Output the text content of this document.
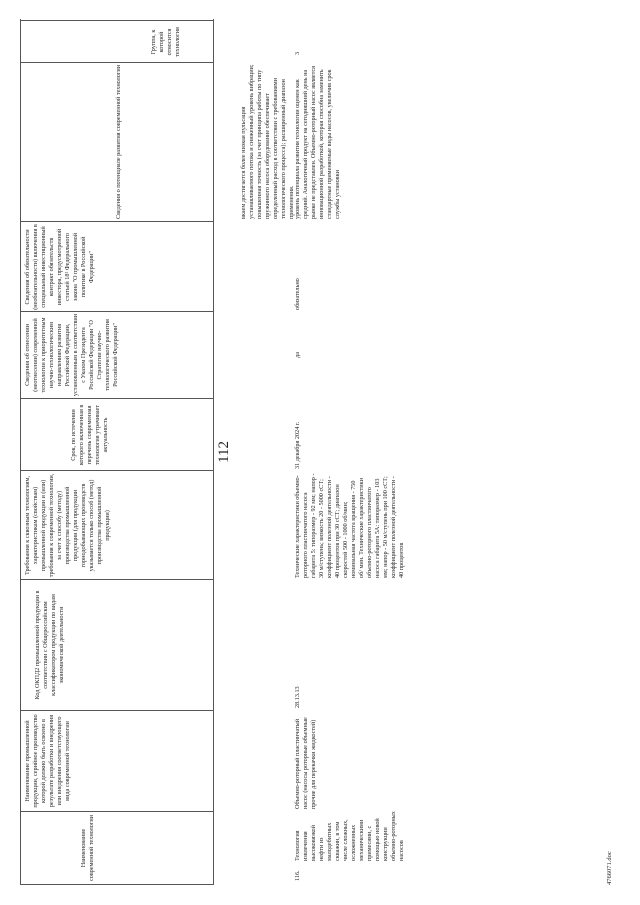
Наименование современной технологии
Наименование промышленной продукции, серийное производство которой должно быть освоено в результате разработки и внедрения или внедрения соответствующего вида современной технологии
Код ОКПД2 промышленной продукции в соответствии с Общероссийским классификатором продукции по видам экономической деятельности
Требования к сквозным технологиям, характеристикам (свойствам) промышленной продукции и (или) требования к современной технологии, за счет к способу (методу) производства промышленной продукции (для продукции горнодобывающих производств указывается только способ (метод) производства промышленной продукции)
Срок, по истечении которого включенная в перечень современная технология утрачивает актуальность
Сведения об отнесении (неотнесении) современной технологии к приоритетным научно-технологическим направлениям развития Российской Федерации, установленным в соответствии с Указом Президента Российской Федерации "О Стратегии научно-технологического развития Российской Федерации"
Сведения об обязательности (необязательности) включения в специальный инвестиционный контракт обязательств инвестора, предусмотренной статьей 18¹ Федерального закона "О промышленной политике в Российской Федерации"
Сведения о потенциале развития современной технологии
Группа, к которой относится технология
112
вкаем достигается более низкая пульсация устанавливаемого потока и сниженный уровень вибрации; повышенная точность (за счет принципа работы по типу пружинного насоса оборудование обеспечивает определенный расход в соответствии с требованиями технологического процесса); расширенный диапазон применения.
116.
Технология извлечения высоковязкой нефти из малодебитных скважин, в том числе сложных, осложненных механическими примесями, с помощью новой конструкции объемно-роторных насосов
Объемно-роторный пластинчатый насос (насосы роторные объемные прочие для перекачки жидкостей)
28.13.13
Технические характеристики объемно-роторного пластинчатого насоса габарита 5: типоразмер - 92 мм; напор - 30 м/ступень; вязкость 20 - 5000 сСТ; коэффициент полезной деятельности - 40 процентов при 30 сСТ; диапазон скоростей 500 - 1000 об/мин; номинальная частота вращения - 750 об/ мин. Технические характеристики объемно-роторного пластинчатого насоса габарита 5А: типоразмер - 103 мм; напор - 50 м/ступень при 100 сСТ; коэффициент полезной деятельности - 40 процентов
31 декабря 2024 г.
да
обязательно
уровень потенциала развития технологии оценен как средний. Аналогичный продукт на сегодняшний день на рынке не представлен. Объемно-роторный насос является инновационной разработкой, которая способна заменить стандартные применяемые виды насосов, увеличив срок службы установки
3
4766071.doc
